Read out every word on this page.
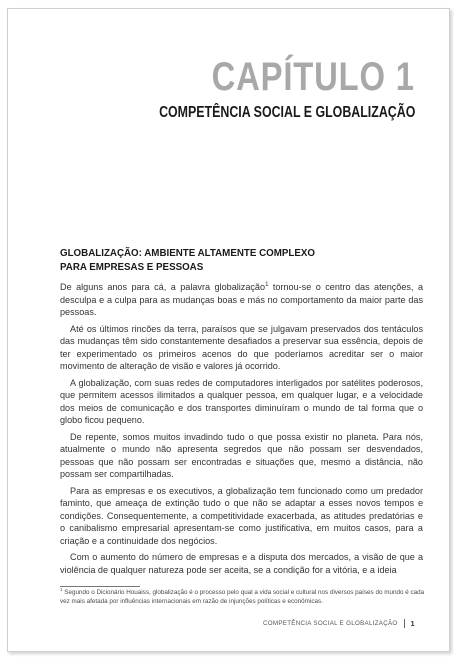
CAPÍTULO 1
COMPETÊNCIA SOCIAL E GLOBALIZAÇÃO
GLOBALIZAÇÃO: AMBIENTE ALTAMENTE COMPLEXO
PARA EMPRESAS E PESSOAS

De alguns anos para cá, a palavra globalização$^1$ tornou-se o centro das atenções, a desculpa e a culpa para as mudanças boas e más no comportamento da maior parte das pessoas.

Até os últimos rincões da terra, paraísos que se julgavam preservados dos tentáculos das mudanças têm sido constantemente desafiados a preservar sua essência, depois de ter experimentado os primeiros acenos do que poderíamos acreditar ser o maior movimento de alteração de visão e valores já ocorrido.

A globalização, com suas redes de computadores interligados por satélites poderosos, que permitem acessos ilimitados a qualquer pessoa, em qualquer lugar, e a velocidade dos meios de comunicação e dos transportes diminuíram o mundo de tal forma que o globo ficou pequeno.

De repente, somos muitos invadindo tudo o que possa existir no planeta. Para nós, atualmente o mundo não apresenta segredos que não possam ser desvendados, pessoas que não possam ser encontradas e situações que, mesmo a distância, não possam ser compartilhadas.

Para as empresas e os executivos, a globalização tem funcionado como um predador faminto, que ameaça de extinção tudo o que não se adaptar a esses novos tempos e condições. Consequentemente, a competitividade exacerbada, as atitudes predatórias e o canibalismo empresarial apresentam-se como justificativa, em muitos casos, para a criação e a continuidade dos negócios.

Com o aumento do número de empresas e a disputa dos mercados, a visão de que a violência de qualquer natureza pode ser aceita, se a condição for a vitória, e a ideia

$^1$ Segundo o Dicionário Houaiss, globalização é o processo pelo qual a vida social e cultural nos diversos países do mundo é cada vez mais afetada por influências internacionais em razão de injunções políticas e econômicas.
COMPETÊNCIA SOCIAL E GLOBALIZAÇÃO 1
